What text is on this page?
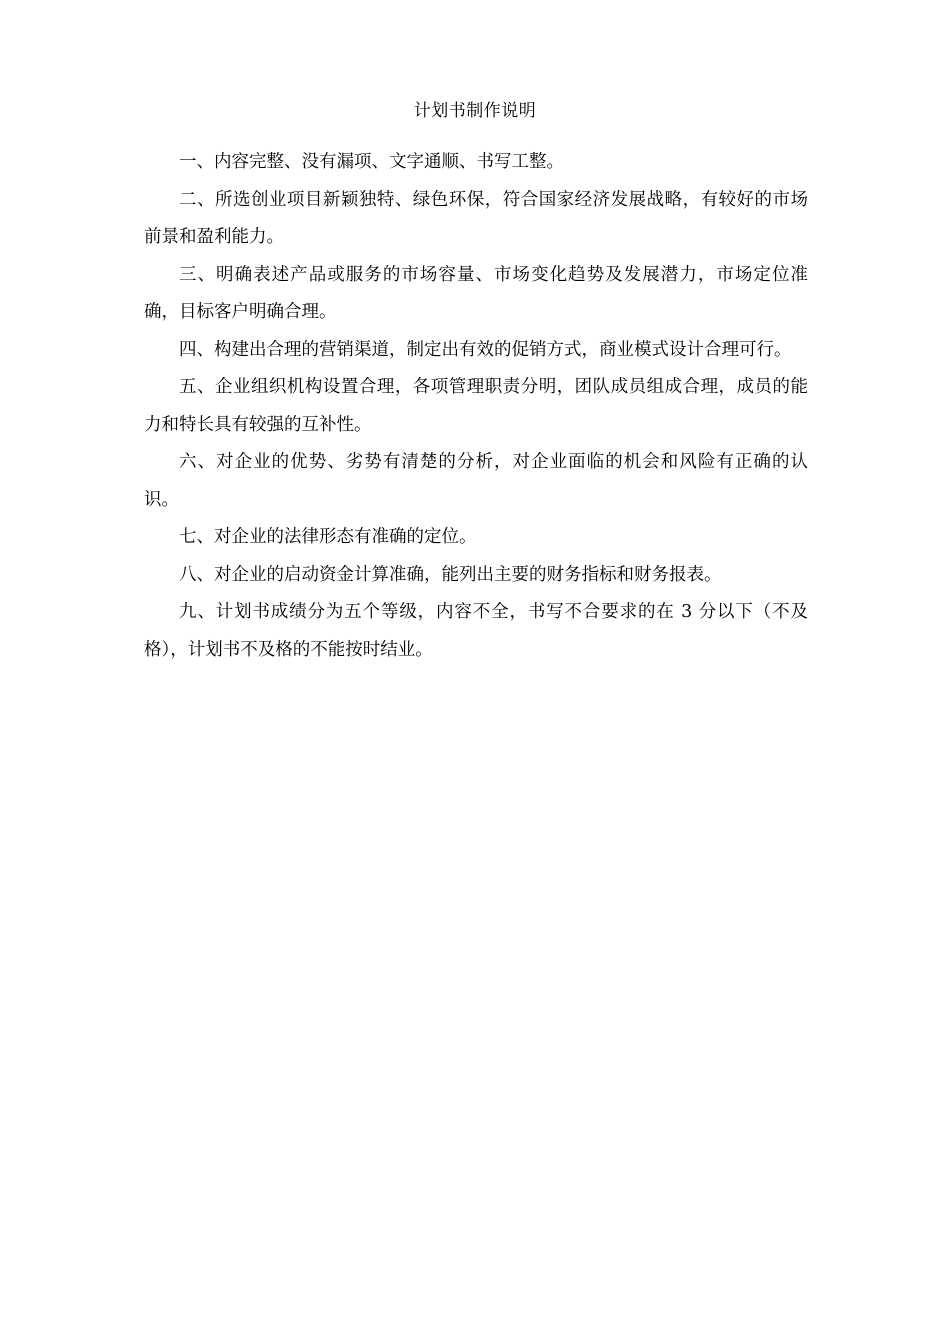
计划书制作说明

一、内容完整、没有漏项、文字通顺、书写工整。

二、所选创业项目新颖独特、绿色环保，符合国家经济发展战略，有较好的市场前景和盈利能力。

三、明确表述产品或服务的市场容量、市场变化趋势及发展潜力，市场定位准确，目标客户明确合理。

四、构建出合理的营销渠道，制定出有效的促销方式，商业模式设计合理可行。

五、企业组织机构设置合理，各项管理职责分明，团队成员组成合理，成员的能力和特长具有较强的互补性。

六、对企业的优势、劣势有清楚的分析，对企业面临的机会和风险有正确的认识。

七、对企业的法律形态有准确的定位。

八、对企业的启动资金计算准确，能列出主要的财务指标和财务报表。

九、计划书成绩分为五个等级，内容不全，书写不合要求的在 3 分以下（不及格），计划书不及格的不能按时结业。
